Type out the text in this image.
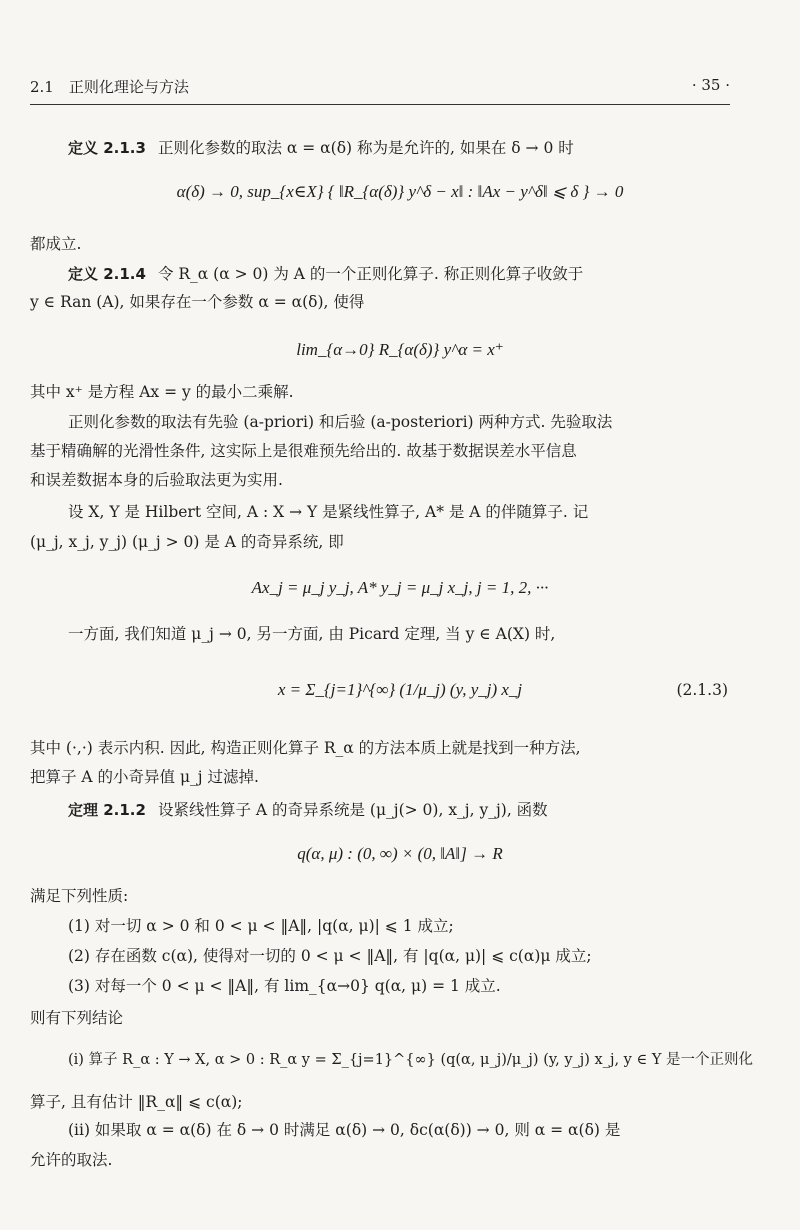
2.1　正则化理论与方法	· 35 ·
定义 2.1.3 正则化参数的取法 α = α(δ) 称为是允许的, 如果在 δ → 0 时
α(δ) → 0, sup_{x∈X} { ‖R_{α(δ)} y^δ − x‖ : ‖Ax − y^δ‖ ⩽ δ } → 0
都成立.
定义 2.1.4 令 R_α (α > 0) 为 A 的一个正则化算子. 称正则化算子收敛于
y ∈ Ran (A), 如果存在一个参数 α = α(δ), 使得
lim_{α→0} R_{α(δ)} y^α = x⁺
其中 x⁺ 是方程 Ax = y 的最小二乘解.
正则化参数的取法有先验 (a-priori) 和后验 (a-posteriori) 两种方式. 先验取法
基于精确解的光滑性条件, 这实际上是很难预先给出的. 故基于数据误差水平信息
和误差数据本身的后验取法更为实用.
设 X, Y 是 Hilbert 空间, A : X → Y 是紧线性算子, A* 是 A 的伴随算子. 记
(μ_j, x_j, y_j) (μ_j > 0) 是 A 的奇异系统, 即
Ax_j = μ_j y_j, A* y_j = μ_j x_j, j = 1, 2, ···
一方面, 我们知道 μ_j → 0, 另一方面, 由 Picard 定理, 当 y ∈ A(X) 时,
x = Σ_{j=1}^{∞} (1/μ_j) (y, y_j) x_j	(2.1.3)
其中 (·,·) 表示内积. 因此, 构造正则化算子 R_α 的方法本质上就是找到一种方法,
把算子 A 的小奇异值 μ_j 过滤掉.
定理 2.1.2 设紧线性算子 A 的奇异系统是 (μ_j(> 0), x_j, y_j), 函数
q(α, μ) : (0, ∞) × (0, ‖A‖] → R
满足下列性质:
(1) 对一切 α > 0 和 0 < μ < ‖A‖, |q(α, μ)| ⩽ 1 成立;
(2) 存在函数 c(α), 使得对一切的 0 < μ < ‖A‖, 有 |q(α, μ)| ⩽ c(α)μ 成立;
(3) 对每一个 0 < μ < ‖A‖, 有 lim_{α→0} q(α, μ) = 1 成立.
则有下列结论
(i) 算子 R_α : Y → X, α > 0 : R_α y = Σ_{j=1}^{∞} (q(α, μ_j)/μ_j) (y, y_j) x_j, y ∈ Y 是一个正则化
算子, 且有估计 ‖R_α‖ ⩽ c(α);
(ii) 如果取 α = α(δ) 在 δ → 0 时满足 α(δ) → 0, δc(α(δ)) → 0, 则 α = α(δ) 是
允许的取法.
